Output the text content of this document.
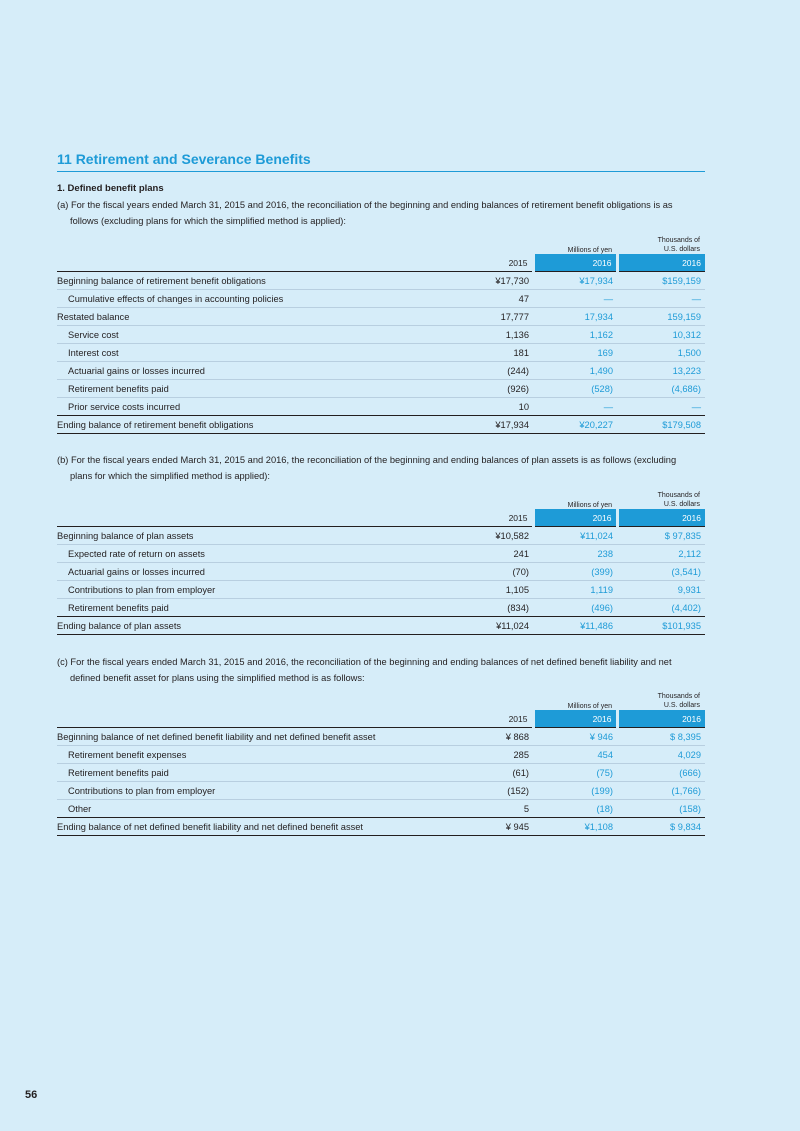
11 Retirement and Severance Benefits
1. Defined benefit plans
(a) For the fiscal years ended March 31, 2015 and 2016, the reconciliation of the beginning and ending balances of retirement benefit obligations is as
follows (excluding plans for which the simplified method is applied):
Millions of yen
Thousands of
U.S. dollars
	2015	2016	2016
Beginning balance of retirement benefit obligations	¥17,730	¥17,934	$159,159
Cumulative effects of changes in accounting policies	47	—	—
Restated balance	17,777	17,934	159,159
Service cost	1,136	1,162	10,312
Interest cost	181	169	1,500
Actuarial gains or losses incurred	(244)	1,490	13,223
Retirement benefits paid	(926)	(528)	(4,686)
Prior service costs incurred	10	—	—
Ending balance of retirement benefit obligations	¥17,934	¥20,227	$179,508
(b) For the fiscal years ended March 31, 2015 and 2016, the reconciliation of the beginning and ending balances of plan assets is as follows (excluding
plans for which the simplified method is applied):
Millions of yen
Thousands of
U.S. dollars
	2015	2016	2016
Beginning balance of plan assets	¥10,582	¥11,024	$ 97,835
Expected rate of return on assets	241	238	2,112
Actuarial gains or losses incurred	(70)	(399)	(3,541)
Contributions to plan from employer	1,105	1,119	9,931
Retirement benefits paid	(834)	(496)	(4,402)
Ending balance of plan assets	¥11,024	¥11,486	$101,935
(c) For the fiscal years ended March 31, 2015 and 2016, the reconciliation of the beginning and ending balances of net defined benefit liability and net
defined benefit asset for plans using the simplified method is as follows:
Millions of yen
Thousands of
U.S. dollars
	2015	2016	2016
Beginning balance of net defined benefit liability and net defined benefit asset	¥ 868	¥ 946	$ 8,395
Retirement benefit expenses	285	454	4,029
Retirement benefits paid	(61)	(75)	(666)
Contributions to plan from employer	(152)	(199)	(1,766)
Other	5	(18)	(158)
Ending balance of net defined benefit liability and net defined benefit asset	¥ 945	¥1,108	$ 9,834
56
